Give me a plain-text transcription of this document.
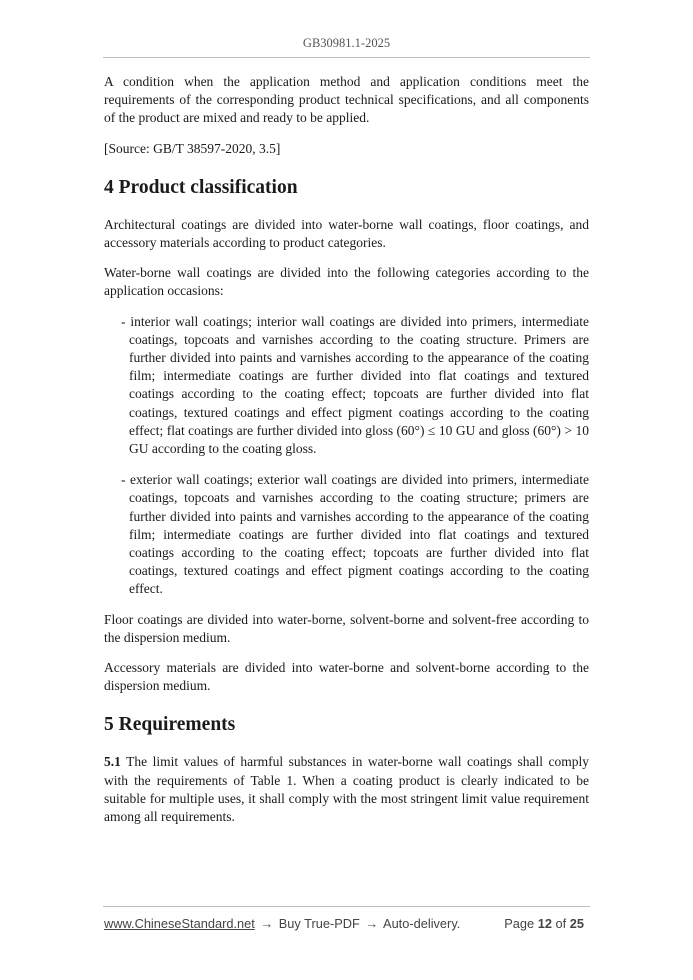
GB30981.1-2025

A condition when the application method and application conditions meet the requirements of the corresponding product technical specifications, and all components of the product are mixed and ready to be applied.

[Source: GB/T 38597-2020, 3.5]

4 Product classification

Architectural coatings are divided into water-borne wall coatings, floor coatings, and accessory materials according to product categories.

Water-borne wall coatings are divided into the following categories according to the application occasions:

- interior wall coatings; interior wall coatings are divided into primers, intermediate coatings, topcoats and varnishes according to the coating structure. Primers are further divided into paints and varnishes according to the appearance of the coating film; intermediate coatings are further divided into flat coatings and textured coatings according to the coating effect; topcoats are further divided into flat coatings, textured coatings and effect pigment coatings according to the coating effect; flat coatings are further divided into gloss (60°) ≤ 10 GU and gloss (60°) > 10 GU according to the coating gloss.

- exterior wall coatings; exterior wall coatings are divided into primers, intermediate coatings, topcoats and varnishes according to the coating structure; primers are further divided into paints and varnishes according to the appearance of the coating film; intermediate coatings are further divided into flat coatings and textured coatings according to the coating effect; topcoats are further divided into flat coatings, textured coatings and effect pigment coatings according to the coating effect.

Floor coatings are divided into water-borne, solvent-borne and solvent-free according to the dispersion medium.

Accessory materials are divided into water-borne and solvent-borne according to the dispersion medium.

5 Requirements

5.1 The limit values of harmful substances in water-borne wall coatings shall comply with the requirements of Table 1. When a coating product is clearly indicated to be suitable for multiple uses, it shall comply with the most stringent limit value requirement among all requirements.

www.ChineseStandard.net → Buy True-PDF → Auto-delivery.	Page 12 of 25
